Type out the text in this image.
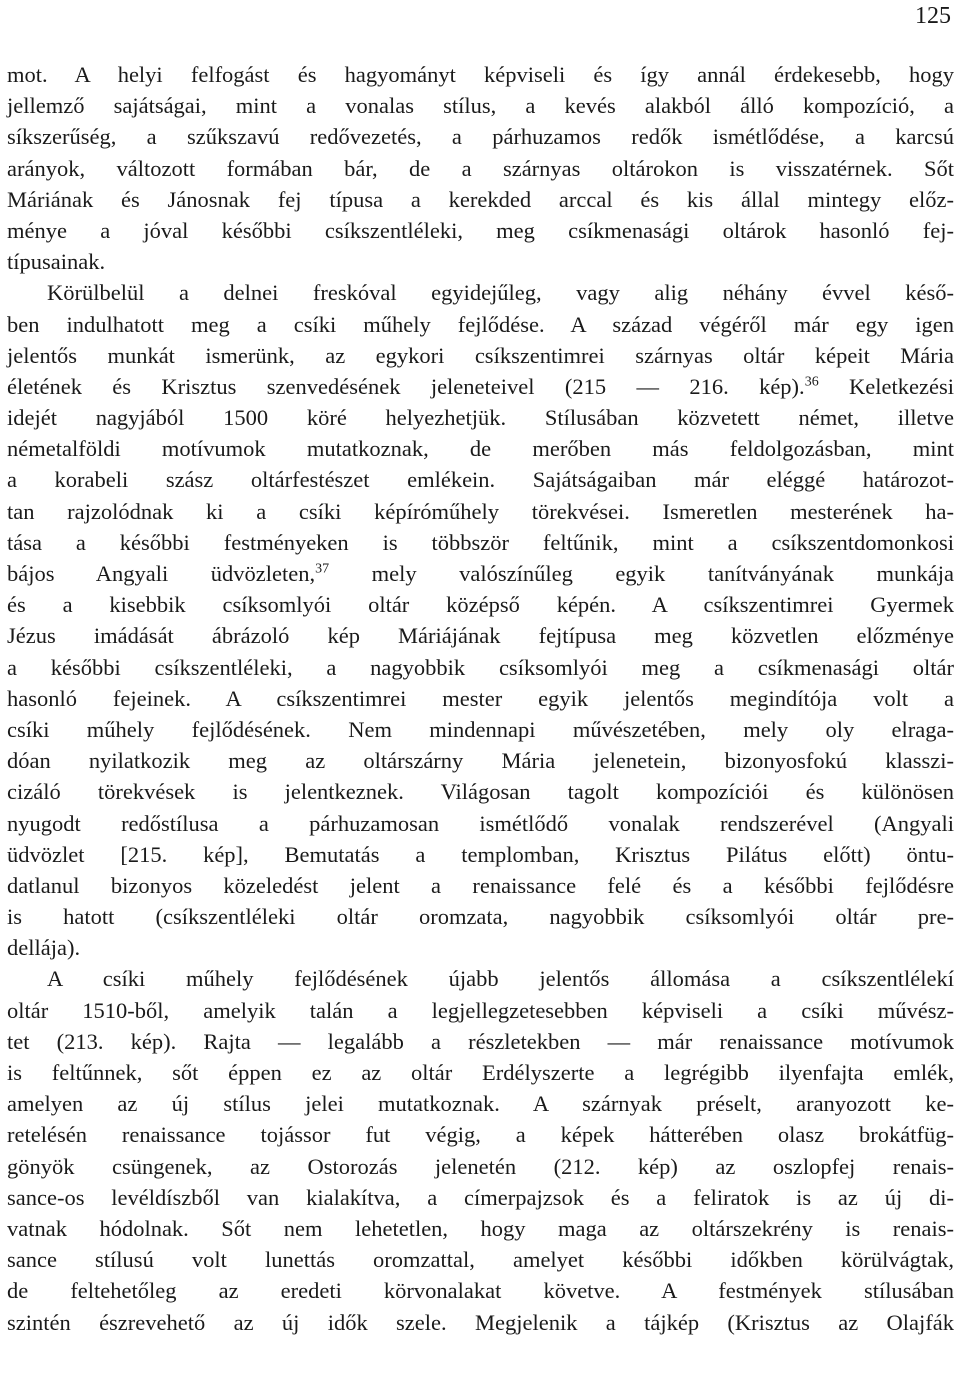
125
mot. A helyi felfogást és hagyományt képviseli és így annál érdekesebb, hogy
jellemző sajátságai, mint a vonalas stílus, a kevés alakból álló kompozíció, a
síkszerűség, a szűkszavú redővezetés, a párhuzamos redők ismétlődése, a karcsú
arányok, változott formában bár, de a szárnyas oltárokon is visszatérnek. Sőt
Máriának és Jánosnak fej típusa a kerekded arccal és kis állal mintegy előz-
ménye a jóval későbbi csíkszentléleki, meg csíkmenasági oltárok hasonló fej-
típusainak.
Körülbelül a delnei freskóval egyidejűleg, vagy alig néhány évvel késő-
ben indulhatott meg a csíki műhely fejlődése. A század végéről már egy igen
jelentős munkát ismerünk, az egykori csíkszentimrei szárnyas oltár képeit Mária
életének és Krisztus szenvedésének jeleneteivel (215 — 216. kép).$^{36}$ Keletkezési
idejét nagyjából 1500 köré helyezhetjük. Stílusában közvetett német, illetve
németalföldi motívumok mutatkoznak, de merőben más feldolgozásban, mint
a korabeli szász oltárfestészet emlékein. Sajátságaiban már eléggé határozot-
tan rajzolódnak ki a csíki képíróműhely törekvései. Ismeretlen mesterének ha-
tása a későbbi festményeken is többször feltűnik, mint a csíkszentdomonkosi
bájos Angyali üdvözleten,$^{37}$ mely valószínűleg egyik tanítványának munkája
és a kisebbik csíksomlyói oltár középső képén. A csíkszentimrei Gyermek
Jézus imádását ábrázoló kép Máriájának fejtípusa meg közvetlen előzménye
a későbbi csíkszentléleki, a nagyobbik csíksomlyói meg a csíkmenasági oltár
hasonló fejeinek. A csíkszentimrei mester egyik jelentős megindítója volt a
csíki műhely fejlődésének. Nem mindennapi művészetében, mely oly elraga-
dóan nyilatkozik meg az oltárszárny Mária jelenetein, bizonyosfokú klasszi-
cizáló törekvések is jelentkeznek. Világosan tagolt kompozíciói és különösen
nyugodt redőstílusa a párhuzamosan ismétlődő vonalak rendszerével (Angyali
üdvözlet [215. kép], Bemutatás a templomban, Krisztus Pilátus előtt) öntu-
datlanul bizonyos közeledést jelent a renaissance felé és a későbbi fejlődésre
is hatott (csíkszentléleki oltár oromzata, nagyobbik csíksomlyói oltár pre-
dellája).
A csíki műhely fejlődésének újabb jelentős állomása a csíkszentlélekí
oltár 1510-ből, amelyik talán a legjellegzetesebben képviseli a csíki művész-
tet (213. kép). Rajta — legalább a részletekben — már renaissance motívumok
is feltűnnek, sőt éppen ez az oltár Erdélyszerte a legrégibb ilyenfajta emlék,
amelyen az új stílus jelei mutatkoznak. A szárnyak préselt, aranyozott ke-
retelésén renaissance tojássor fut végig, a képek hátterében olasz brokátfüg-
gönyök csüngenek, az Ostorozás jelenetén (212. kép) az oszlopfej renais-
sance-os levéldíszből van kialakítva, a címerpajzsok és a feliratok is az új di-
vatnak hódolnak. Sőt nem lehetetlen, hogy maga az oltárszekrény is renais-
sance stílusú volt lunettás oromzattal, amelyet későbbi időkben körülvágtak,
de feltehetőleg az eredeti körvonalakat követve. A festmények stílusában
szintén észrevehető az új idők szele. Megjelenik a tájkép (Krisztus az Olajfák
